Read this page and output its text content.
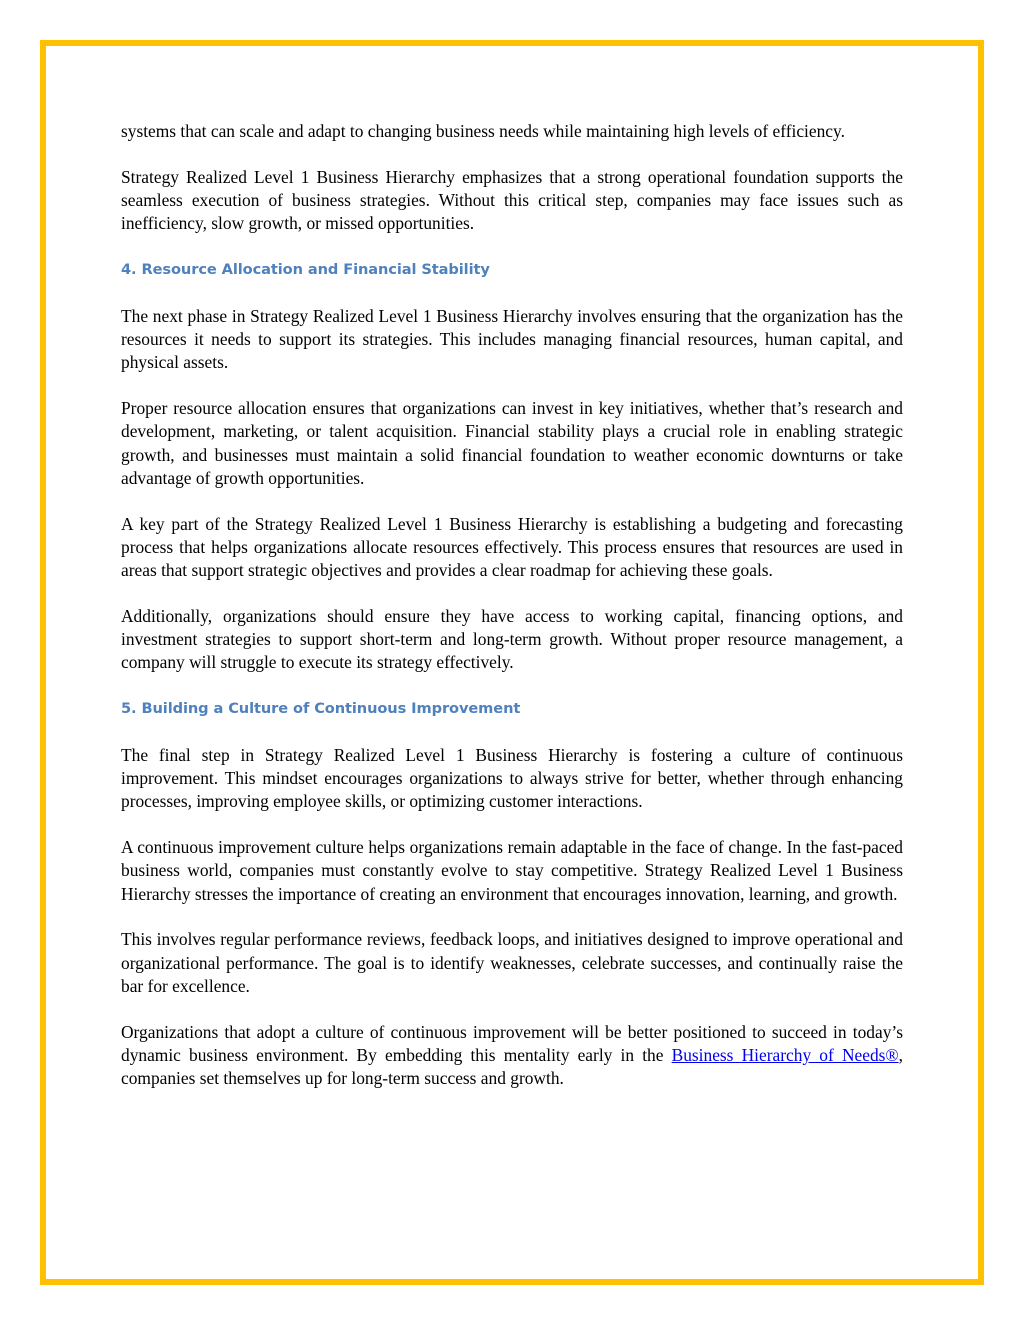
systems that can scale and adapt to changing business needs while maintaining high levels of efficiency.

Strategy Realized Level 1 Business Hierarchy emphasizes that a strong operational foundation supports the seamless execution of business strategies. Without this critical step, companies may face issues such as inefficiency, slow growth, or missed opportunities.

4. Resource Allocation and Financial Stability

The next phase in Strategy Realized Level 1 Business Hierarchy involves ensuring that the organization has the resources it needs to support its strategies. This includes managing financial resources, human capital, and physical assets.

Proper resource allocation ensures that organizations can invest in key initiatives, whether that’s research and development, marketing, or talent acquisition. Financial stability plays a crucial role in enabling strategic growth, and businesses must maintain a solid financial foundation to weather economic downturns or take advantage of growth opportunities.

A key part of the Strategy Realized Level 1 Business Hierarchy is establishing a budgeting and forecasting process that helps organizations allocate resources effectively. This process ensures that resources are used in areas that support strategic objectives and provides a clear roadmap for achieving these goals.

Additionally, organizations should ensure they have access to working capital, financing options, and investment strategies to support short-term and long-term growth. Without proper resource management, a company will struggle to execute its strategy effectively.

5. Building a Culture of Continuous Improvement

The final step in Strategy Realized Level 1 Business Hierarchy is fostering a culture of continuous improvement. This mindset encourages organizations to always strive for better, whether through enhancing processes, improving employee skills, or optimizing customer interactions.

A continuous improvement culture helps organizations remain adaptable in the face of change. In the fast-paced business world, companies must constantly evolve to stay competitive. Strategy Realized Level 1 Business Hierarchy stresses the importance of creating an environment that encourages innovation, learning, and growth.

This involves regular performance reviews, feedback loops, and initiatives designed to improve operational and organizational performance. The goal is to identify weaknesses, celebrate successes, and continually raise the bar for excellence.

Organizations that adopt a culture of continuous improvement will be better positioned to succeed in today’s dynamic business environment. By embedding this mentality early in the Business Hierarchy of Needs®, companies set themselves up for long-term success and growth.
